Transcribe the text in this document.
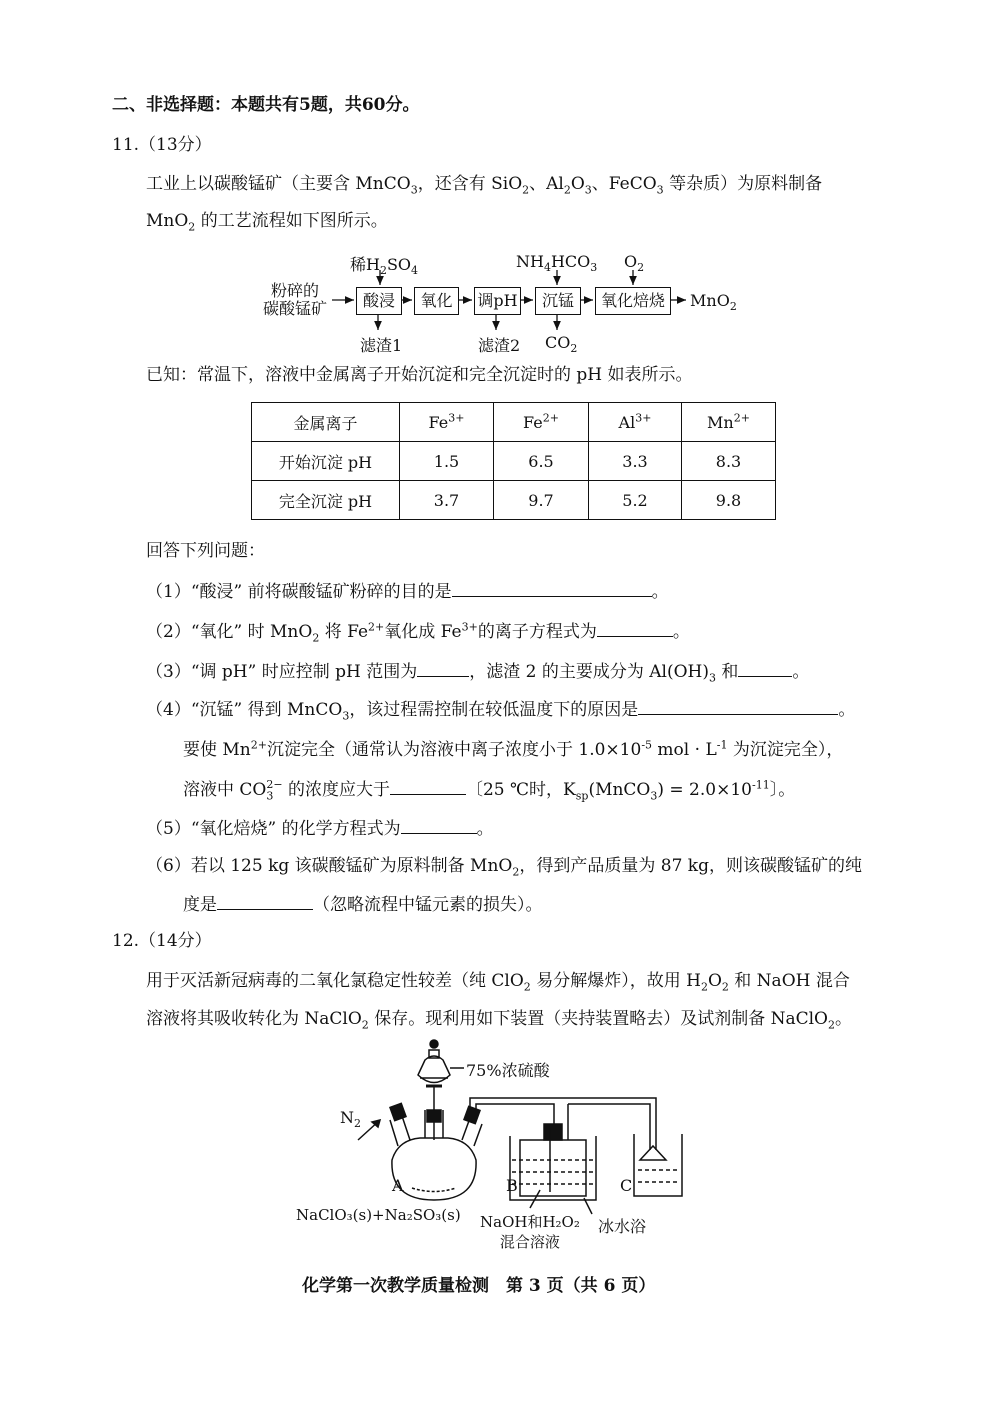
二、非选择题：本题共有5题，共60分。
11.（13分）
工业上以碳酸锰矿（主要含 MnCO$_3$，还含有 SiO$_2$、$Al_2O_3$、FeCO$_3$ 等杂质）为原料制备
MnO$_2$ 的工艺流程如下图所示。
粉碎的
碳酸锰矿
稀$H_2SO_4$	$NH_4HCO_3$ $O_2$
酸浸	氧化	调pH	沉锰	氧化焙烧	MnO$_2$
滤渣1	滤渣2 $CO_2$
已知：常温下，溶液中金属离子开始沉淀和完全沉淀时的 pH 如表所示。
金属离子	$Fe^{3+}$	$Fe^{2+}$	$Al^{3+}$	$Mn^{2+}$
开始沉淀 pH	1.5	6.5	3.3	8.3
完全沉淀 pH	3.7	9.7	5.2	9.8
回答下列问题：
（1）“酸浸” 前将碳酸锰矿粉碎的目的是	。
（2）“氧化” 时 MnO$_2$ 将 $Fe^{2+}$氧化成 $Fe^{3+}$的离子方程式为	。
（3）“调 pH” 时应控制 pH 范围为	，滤渣 2 的主要成分为 $Al(OH)_3$ 和	。
（4）“沉锰” 得到 MnCO$_3$，该过程需控制在较低温度下的原因是	。
要使 $Mn^{2+}$沉淀完全（通常认为溶液中离子浓度小于 $1.0\times 10^{-5}$ mol · $L^{-1}$ 为沉淀完全），
溶液中 $CO_3^{2-}$ 的浓度应大于	〔25 ℃时，$K_{sp}(MnCO_3) = 2.0\times 10^{-11}$〕。
（5）“氧化焙烧” 的化学方程式为	。
（6）若以 125 kg 该碳酸锰矿为原料制备 MnO$_2$，得到产品质量为 87 kg，则该碳酸锰矿的纯
度是	（忽略流程中锰元素的损失）。
12.（14分）
用于灭活新冠病毒的二氧化氯稳定性较差（纯 ClO$_2$ 易分解爆炸），故用 $H_2O_2$ 和 NaOH 混合
溶液将其吸收转化为 NaClO$_2$ 保存。现利用如下装置（夹持装置略去）及试剂制备 NaClO$_2$。
75%浓硫酸
$N_2$
A	B	C
NaClO₃(s)+Na₂SO₃(s) NaOH和H₂O₂
混合溶液
冰水浴
化学第一次教学质量检测　第 3 页（共 6 页）
